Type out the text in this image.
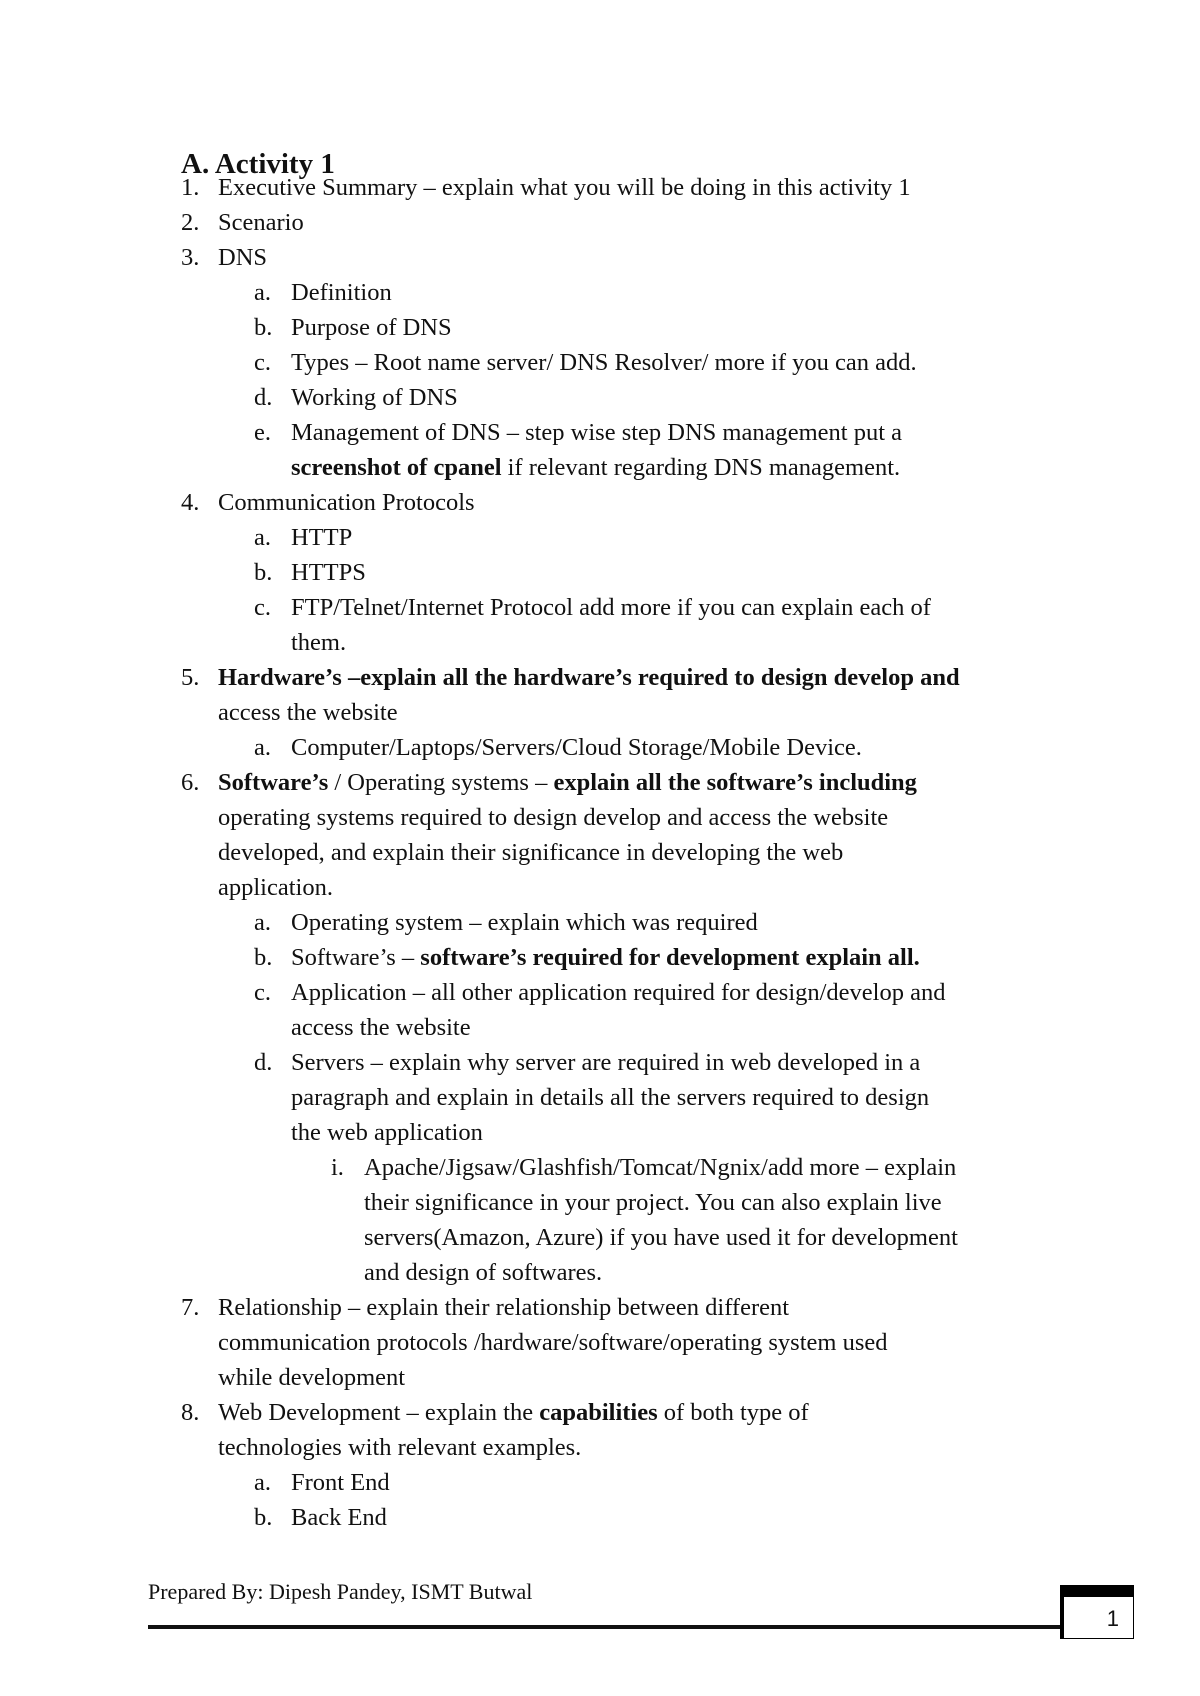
A. Activity 1
1. Executive Summary – explain what you will be doing in this activity 1
2. Scenario
3. DNS
a. Definition
b. Purpose of DNS
c. Types – Root name server/ DNS Resolver/ more if you can add.
d. Working of DNS
e. Management of DNS – step wise step DNS management put a
screenshot of cpanel if relevant regarding DNS management.
4. Communication Protocols
a. HTTP
b. HTTPS
c. FTP/Telnet/Internet Protocol add more if you can explain each of
them.
5. Hardware’s –explain all the hardware’s required to design develop and
access the website
a. Computer/Laptops/Servers/Cloud Storage/Mobile Device.
6. Software’s / Operating systems – explain all the software’s including
operating systems required to design develop and access the website
developed, and explain their significance in developing the web
application.
a. Operating system – explain which was required
b. Software’s – software’s required for development explain all.
c. Application – all other application required for design/develop and
access the website
d. Servers – explain why server are required in web developed in a
paragraph and explain in details all the servers required to design
the web application
i. Apache/Jigsaw/Glashfish/Tomcat/Ngnix/add more – explain
their significance in your project. You can also explain live
servers(Amazon, Azure) if you have used it for development
and design of softwares.
7. Relationship – explain their relationship between different
communication protocols /hardware/software/operating system used
while development
8. Web Development – explain the capabilities of both type of
technologies with relevant examples.
a. Front End
b. Back End
Prepared By: Dipesh Pandey, ISMT Butwal
1
